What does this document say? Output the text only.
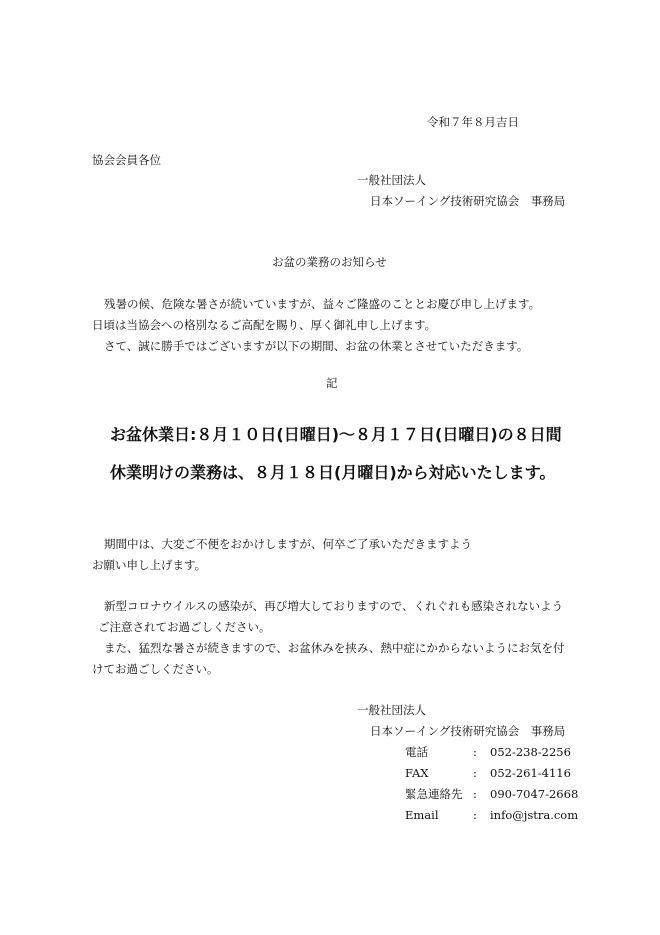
令和７年８月吉日
協会会員各位
一般社団法人
日本ソーイング技術研究協会　事務局
お盆の業務のお知らせ
残暑の候、危険な暑さが続いていますが、益々ご隆盛のこととお慶び申し上げます。
日頃は当協会への格別なるご高配を賜り、厚く御礼申し上げます。
さて、誠に勝手ではございますが以下の期間、お盆の休業とさせていただきます。
記
お盆休業日:８月１０日(日曜日)～８月１７日(日曜日)の８日間
休業明けの業務は、８月１８日(月曜日)から対応いたします。
期間中は、大変ご不便をおかけしますが、何卒ご了承いただきますよう
お願い申し上げます。
新型コロナウイルスの感染が、再び増大しておりますので、くれぐれも感染されないよう
ご注意されてお過ごしください。
また、猛烈な暑さが続きますので、お盆休みを挟み、熱中症にかからないようにお気を付
けてお過ごしください。
一般社団法人
日本ソーイング技術研究協会　事務局
電話	: 052-238-2256
FAX	: 052-261-4116
緊急連絡先 : 090-7047-2668
Email	: info@jstra.com
